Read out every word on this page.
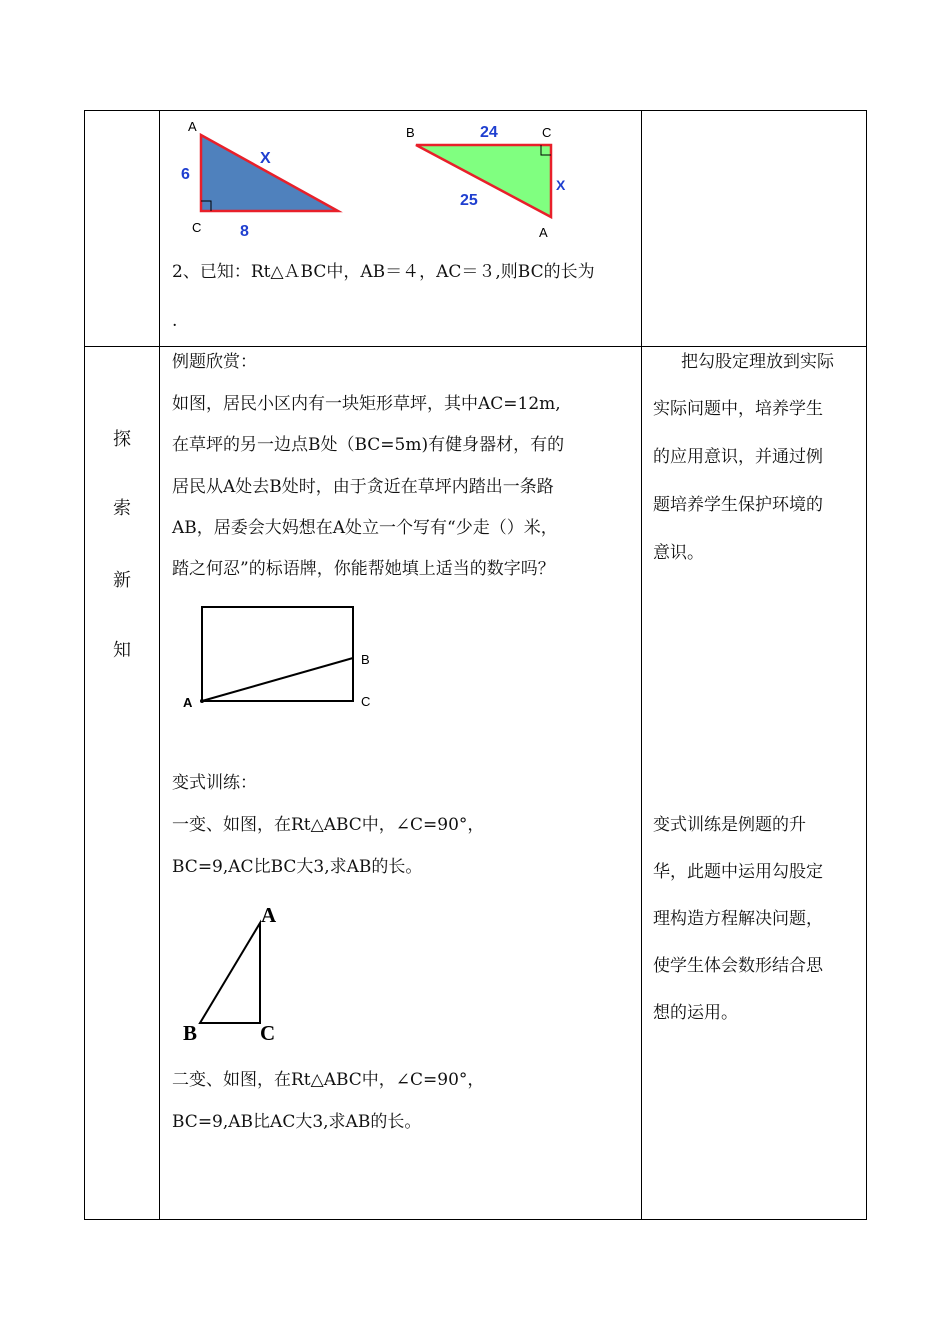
A
C
6
8
X
B	C
A
24
25
X
2、已知：Rt△ＡBC中，AB＝４，AC＝３,则BC的长为
.
探
索
新
知
例题欣赏：
如图，居民小区内有一块矩形草坪，其中AC=12m,
在草坪的另一边点B处（BC=5m)有健身器材，有的
居民从A处去B处时，由于贪近在草坪内踏出一条路
AB，居委会大妈想在A处立一个写有“少走（）米，
踏之何忍”的标语牌，你能帮她填上适当的数字吗？
A
B
C
变式训练：
一变、如图，在Rt△ABC中，∠C=90°，
BC=9,AC比BC大3,求AB的长。
A
B	C
二变、如图，在Rt△ABC中，∠C=90°，
BC=9,AB比AC大3,求AB的长。
把勾股定理放到实际
实际问题中，培养学生
的应用意识，并通过例
题培养学生保护环境的
意识。
变式训练是例题的升
华，此题中运用勾股定
理构造方程解决问题，
使学生体会数形结合思
想的运用。
